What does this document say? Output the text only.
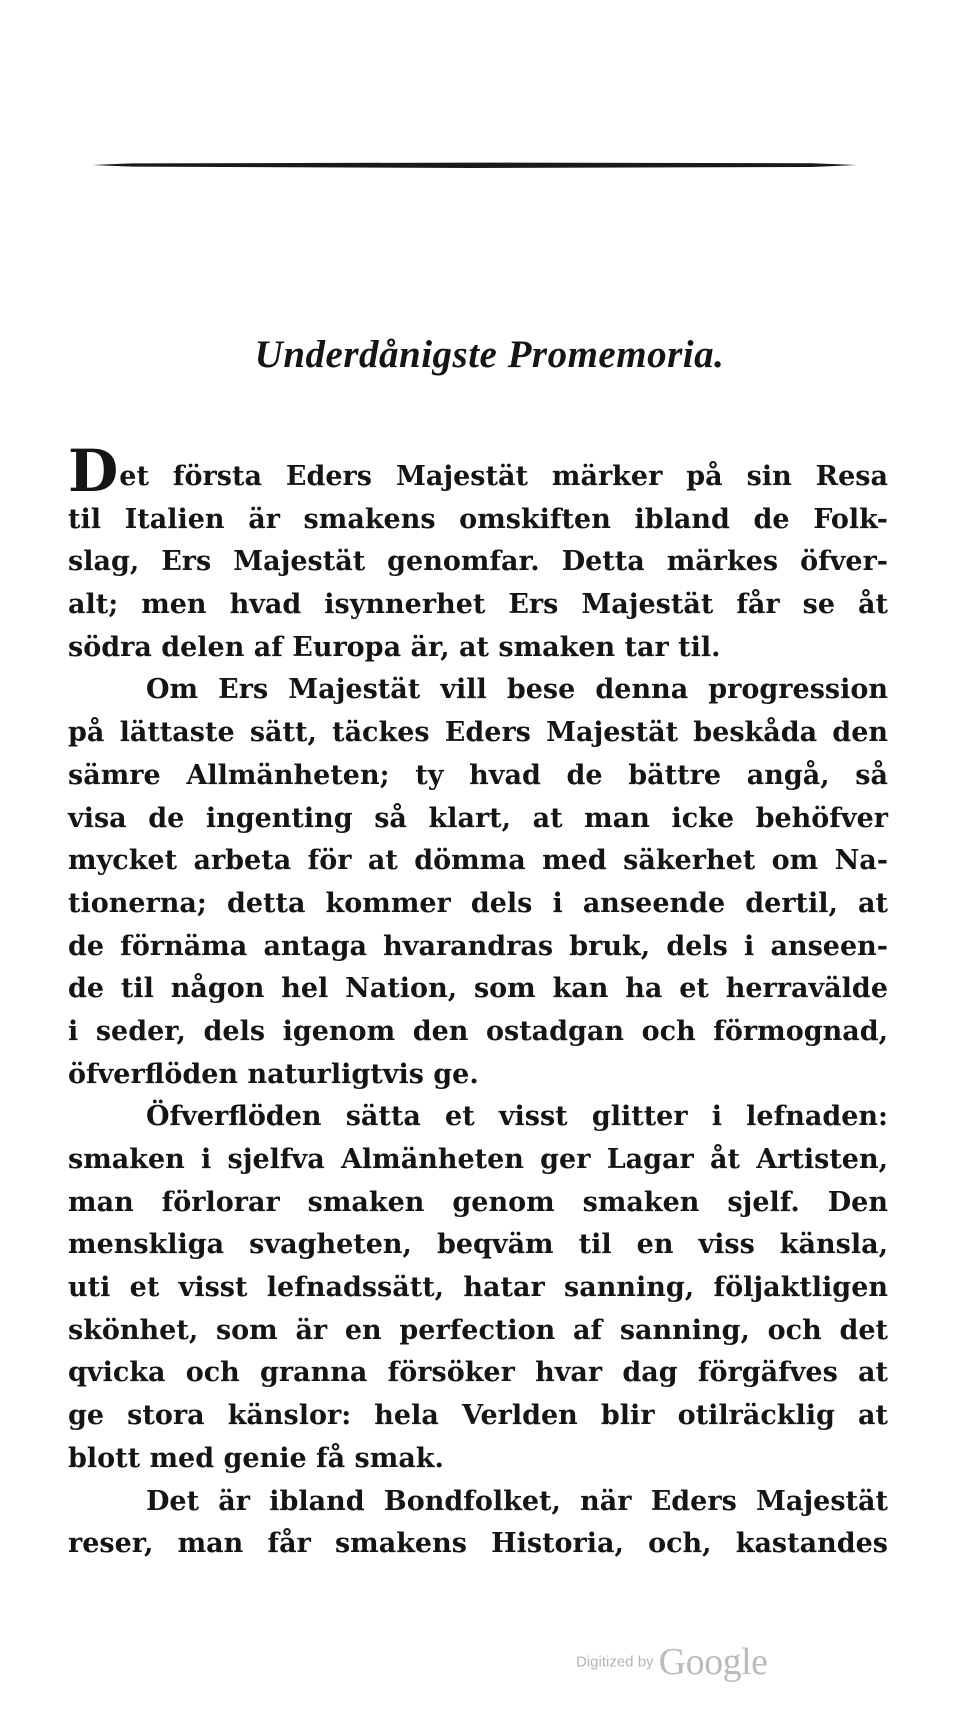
Underdånigste Promemoria.
Det första Eders Majestät märker på sin Resa
til Italien är smakens omskiften ibland de Folk-
slag, Ers Majestät genomfar. Detta märkes öfver-
alt; men hvad isynnerhet Ers Majestät får se åt
södra delen af Europa är, at smaken tar til.
Om Ers Majestät vill bese denna progression
på lättaste sätt, täckes Eders Majestät beskåda den
sämre Allmänheten; ty hvad de bättre angå, så
visa de ingenting så klart, at man icke behöfver
mycket arbeta för at dömma med säkerhet om Na-
tionerna; detta kommer dels i anseende dertil, at
de förnäma antaga hvarandras bruk, dels i anseen-
de til någon hel Nation, som kan ha et herravälde
i seder, dels igenom den ostadgan och förmognad,
öfverflöden naturligtvis ge.
Öfverflöden sätta et visst glitter i lefnaden:
smaken i sjelfva Almänheten ger Lagar åt Artisten,
man förlorar smaken genom smaken sjelf. Den
menskliga svagheten, beqväm til en viss känsla,
uti et visst lefnadssätt, hatar sanning, följaktligen
skönhet, som är en perfection af sanning, och det
qvicka och granna försöker hvar dag förgäfves at
ge stora känslor: hela Verlden blir otilräcklig at
blott med genie få smak.
Det är ibland Bondfolket, när Eders Majestät
reser, man får smakens Historia, och, kastandes
Digitized by Google
